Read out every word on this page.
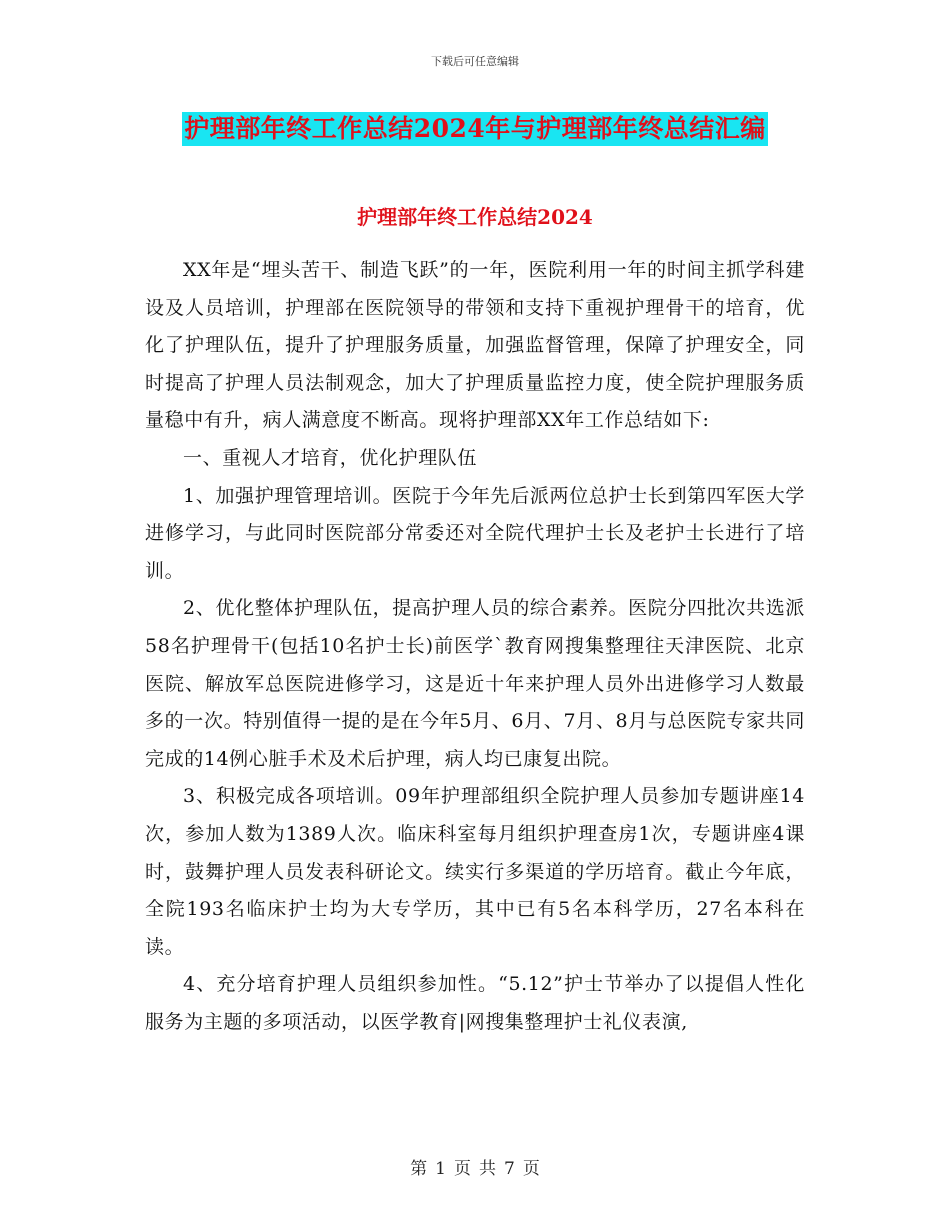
下载后可任意编辑
护理部年终工作总结2024年与护理部年终总结汇编
护理部年终工作总结2024

XX年是“埋头苦干、制造飞跃”的一年，医院利用一年的时间主抓学科建设及人员培训，护理部在医院领导的带领和支持下重视护理骨干的培育，优化了护理队伍，提升了护理服务质量，加强监督管理，保障了护理安全，同时提高了护理人员法制观念，加大了护理质量监控力度，使全院护理服务质量稳中有升，病人满意度不断高。现将护理部XX年工作总结如下:

一、重视人才培育，优化护理队伍

1、加强护理管理培训。医院于今年先后派两位总护士长到第四军医大学进修学习，与此同时医院部分常委还对全院代理护士长及老护士长进行了培训。

2、优化整体护理队伍，提高护理人员的综合素养。医院分四批次共选派58名护理骨干(包括10名护士长)前医学`教育网搜集整理往天津医院、北京医院、解放军总医院进修学习，这是近十年来护理人员外出进修学习人数最多的一次。特别值得一提的是在今年5月、6月、7月、8月与总医院专家共同完成的14例心脏手术及术后护理，病人均已康复出院。

3、积极完成各项培训。09年护理部组织全院护理人员参加专题讲座14次，参加人数为1389人次。临床科室每月组织护理查房1次，专题讲座4课时，鼓舞护理人员发表科研论文。续实行多渠道的学历培育。截止今年底，全院193名临床护士均为大专学历，其中已有5名本科学历，27名本科在读。

4、充分培育护理人员组织参加性。“5.12”护士节举办了以提倡人性化服务为主题的多项活动，以医学教育|网搜集整理护士礼仪表演,

第 1 页 共 7 页
